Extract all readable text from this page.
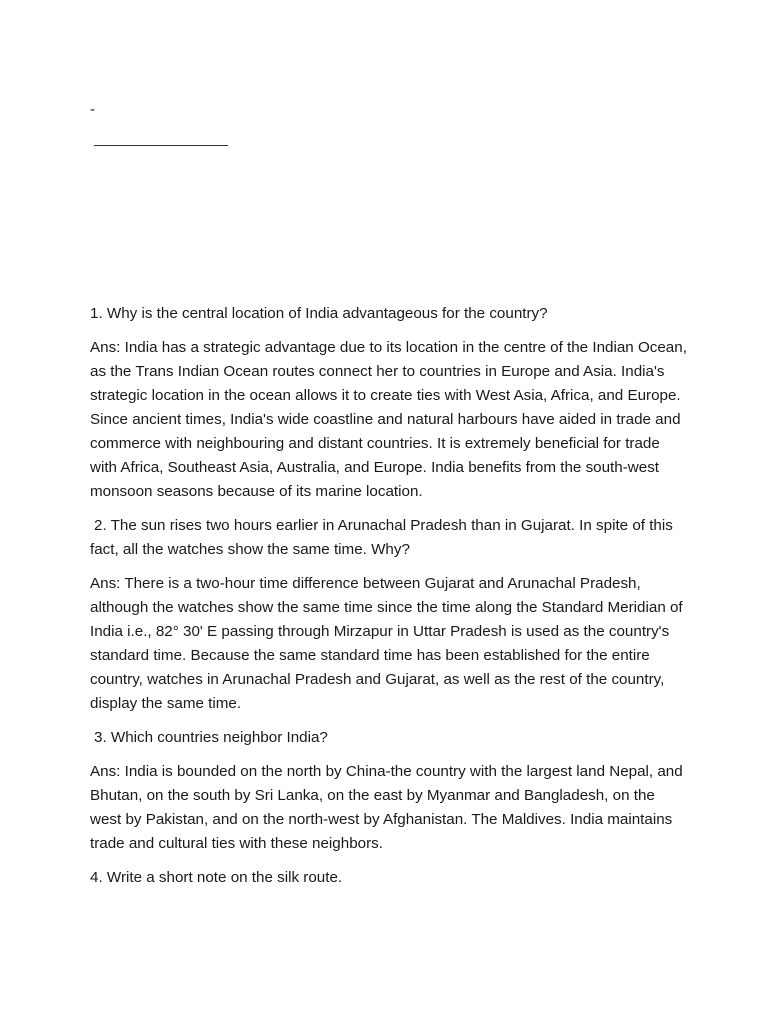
-

1. Why is the central location of India advantageous for the country?

Ans: India has a strategic advantage due to its location in the centre of the Indian Ocean, as the Trans Indian Ocean routes connect her to countries in Europe and Asia. India's strategic location in the ocean allows it to create ties with West Asia, Africa, and Europe. Since ancient times, India's wide coastline and natural harbours have aided in trade and commerce with neighbouring and distant countries. It is extremely beneficial for trade with Africa, Southeast Asia, Australia, and Europe. India benefits from the south-west monsoon seasons because of its marine location.

2. The sun rises two hours earlier in Arunachal Pradesh than in Gujarat. In spite of this fact, all the watches show the same time. Why?

Ans: There is a two-hour time difference between Gujarat and Arunachal Pradesh, although the watches show the same time since the time along the Standard Meridian of India i.e., 82° 30' E passing through Mirzapur in Uttar Pradesh is used as the country's standard time. Because the same standard time has been established for the entire country, watches in Arunachal Pradesh and Gujarat, as well as the rest of the country, display the same time.

3. Which countries neighbor India?

Ans: India is bounded on the north by China-the country with the largest land Nepal, and Bhutan, on the south by Sri Lanka, on the east by Myanmar and Bangladesh, on the west by Pakistan, and on the north-west by Afghanistan. The Maldives. India maintains trade and cultural ties with these neighbors.

4. Write a short note on the silk route.
